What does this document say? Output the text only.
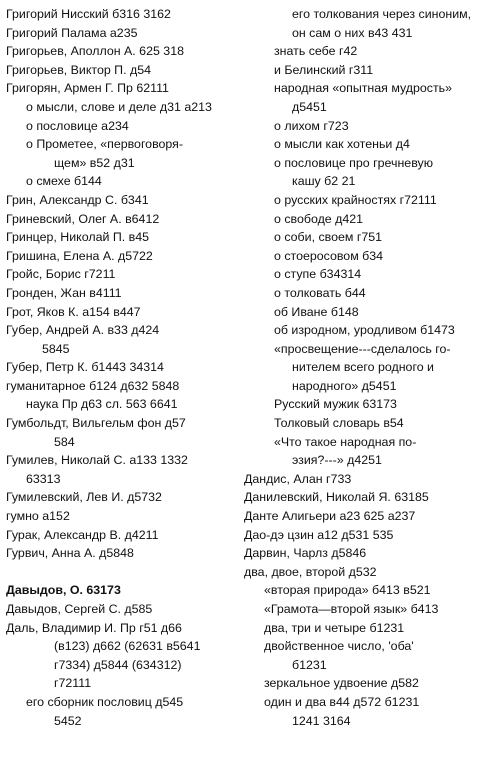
Григорий Нисский б316 3162
Григорий Палама а235
Григорьев, Аполлон А. 625 318
Григорьев, Виктор П. д54
Григорян, Армен Г. Пр 62111
о мысли, слове и деле д31 а213
о пословице а234
о Прометее, «первоговоря-
щем» в52 д31
о смехе б144
Грин, Александр С. б341
Гриневский, Олег А. в6412
Гринцер, Николай П. в45
Гришина, Елена А. д5722
Гройс, Борис г7211
Гронден, Жан в4111
Грот, Яков К. а154 в447
Губер, Андрей А. в33 д424
5845
Губер, Петр К. б1443 34314
гуманитарное б124 д632 5848
наука Пр д63 сл. 563 6641
Гумбольдт, Вильгельм фон д57
584
Гумилев, Николай С. а133 1332
63313
Гумилевский, Лев И. д5732
гумно а152
Гурак, Александр В. д4211
Гурвич, Анна А. д5848
Давыдов, О. 63173
Давыдов, Сергей С. д585
Даль, Владимир И. Пр г51 д66
(в123) д662 (62631 в5641
г7334) д5844 (634312)
г72111
его сборник пословиц д545
5452
его толкования через синоним,
он сам о них в43 431
знать себе г42
и Белинский г311
народная «опытная мудрость»
д5451
о лихом г723
о мысли как хотеньи д4
о пословице про гречневую
кашу б2 21
о русских крайностях г72111
о свободе д421
о соби, своем г751
о стоеросовом б34
о ступе б34314
о толковать б44
об Иване б148
об изродном, уродливом б1473
«просвещение---сделалось го-
нителем всего родного и
народного» д5451
Русский мужик 63173
Толковый словарь в54
«Что такое народная по-
эзия?---» д4251
Дандис, Алан г733
Данилевский, Николай Я. 63185
Данте Алигьери а23 625 а237
Дао-дэ цзин а12 д531 535
Дарвин, Чарлз д5846
два, двое, второй д532
«вторая природа» б413 в521
«Грамота—второй язык» б413
два, три и четыре б1231
двойственное число, 'оба'
б1231
зеркальное удвоение д582
один и два в44 д572 б1231
1241 3164
